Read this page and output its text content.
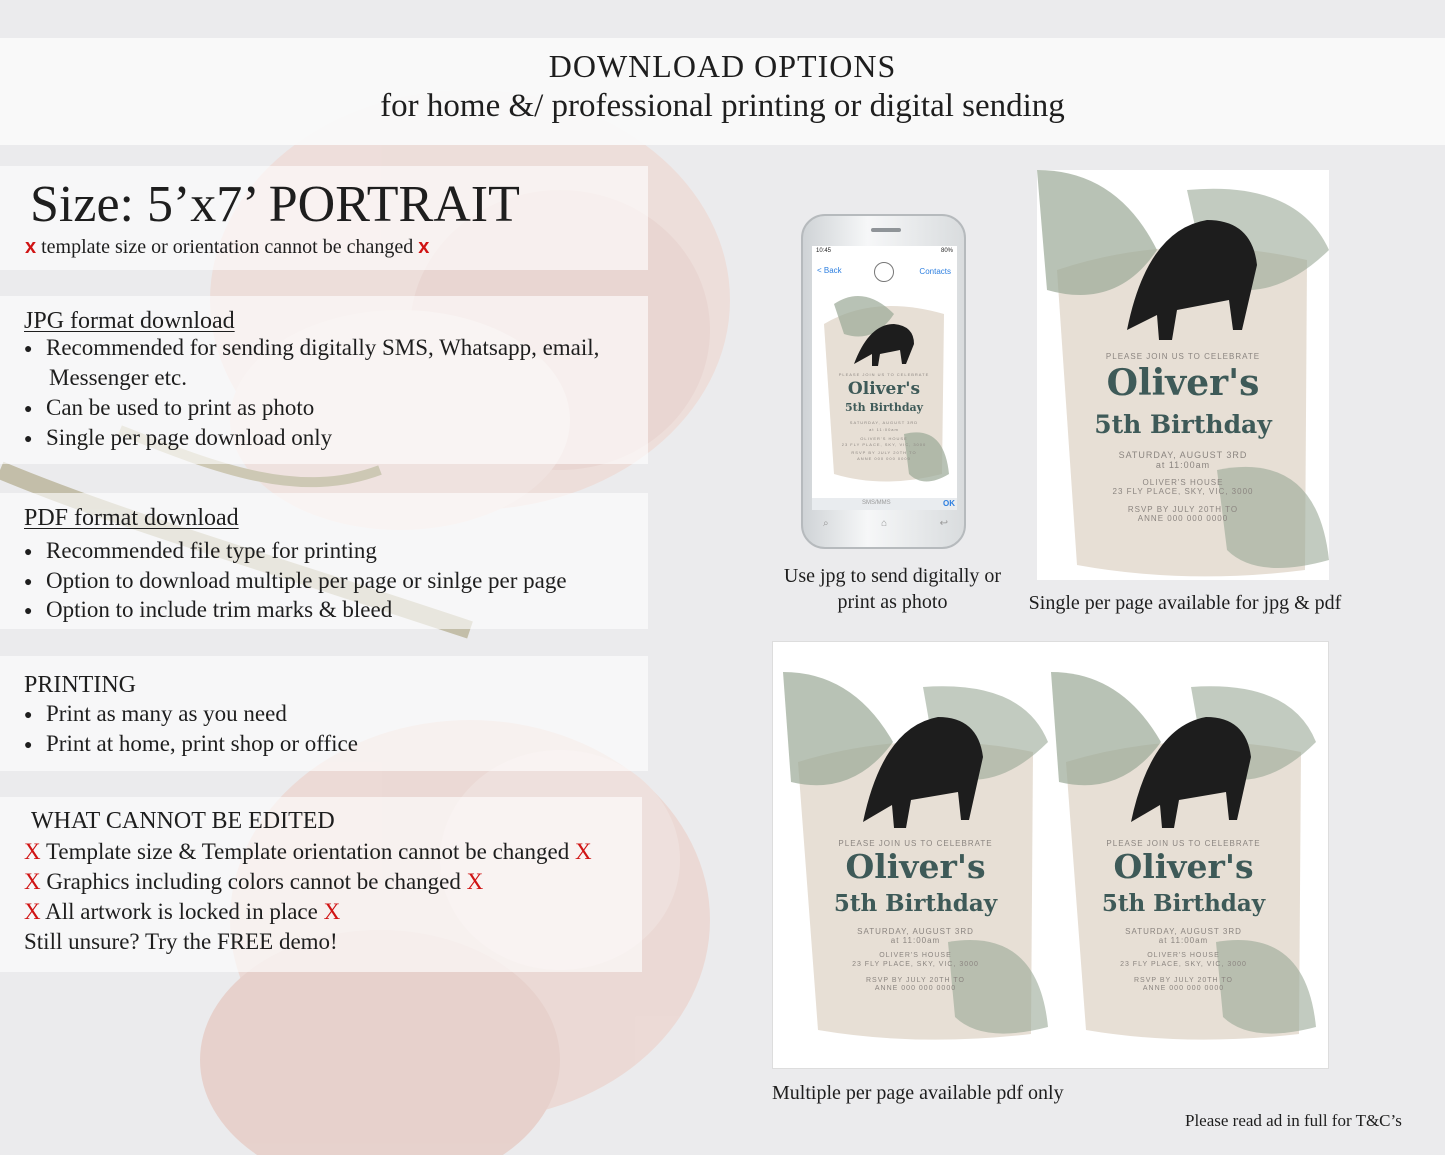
DOWNLOAD OPTIONS
for home &/ professional printing or digital sending
Size: 5’x7’ PORTRAIT
x template size or orientation cannot be changed x
JPG format download
● Recommended for sending digitally SMS, Whatsapp, email,
Messenger etc.
● Can be used to print as photo
● Single per page download only
PDF format download
● Recommended file type for printing
● Option to download multiple per page or sinlge per page
● Option to include trim marks & bleed
PRINTING
● Print as many as you need
● Print at home, print shop or office
WHAT CANNOT BE EDITED
X Template size & Template orientation cannot be changed X
X Graphics including colors cannot be changed X
X All artwork is locked in place X
Still unsure? Try the FREE demo!
10:45	80%
< Back	Contacts
PLEASE JOIN US TO CELEBRATE
Oliver's
5th Birthday
SATURDAY, AUGUST 3RD
at 11:00am
OLIVER'S HOUSE
23 FLY PLACE, SKY, VIC, 3000
RSVP BY JULY 20TH TO
ANNE 000 000 0000
SMS/MMS	OK
⌕	⌂	↩
Use jpg to send digitally or print as photo
PLEASE JOIN US TO CELEBRATE
Oliver's
5th Birthday
SATURDAY, AUGUST 3RD
at 11:00am
OLIVER'S HOUSE
23 FLY PLACE, SKY, VIC, 3000
RSVP BY JULY 20TH TO
ANNE 000 000 0000
Single per page available for jpg & pdf
PLEASE JOIN US TO CELEBRATE
Oliver's
5th Birthday
SATURDAY, AUGUST 3RD
at 11:00am
OLIVER'S HOUSE
23 FLY PLACE, SKY, VIC, 3000
RSVP BY JULY 20TH TO
ANNE 000 000 0000
PLEASE JOIN US TO CELEBRATE
Oliver's
5th Birthday
SATURDAY, AUGUST 3RD
at 11:00am
OLIVER'S HOUSE
23 FLY PLACE, SKY, VIC, 3000
RSVP BY JULY 20TH TO
ANNE 000 000 0000
Multiple per page available pdf only
Please read ad in full for T&C’s
